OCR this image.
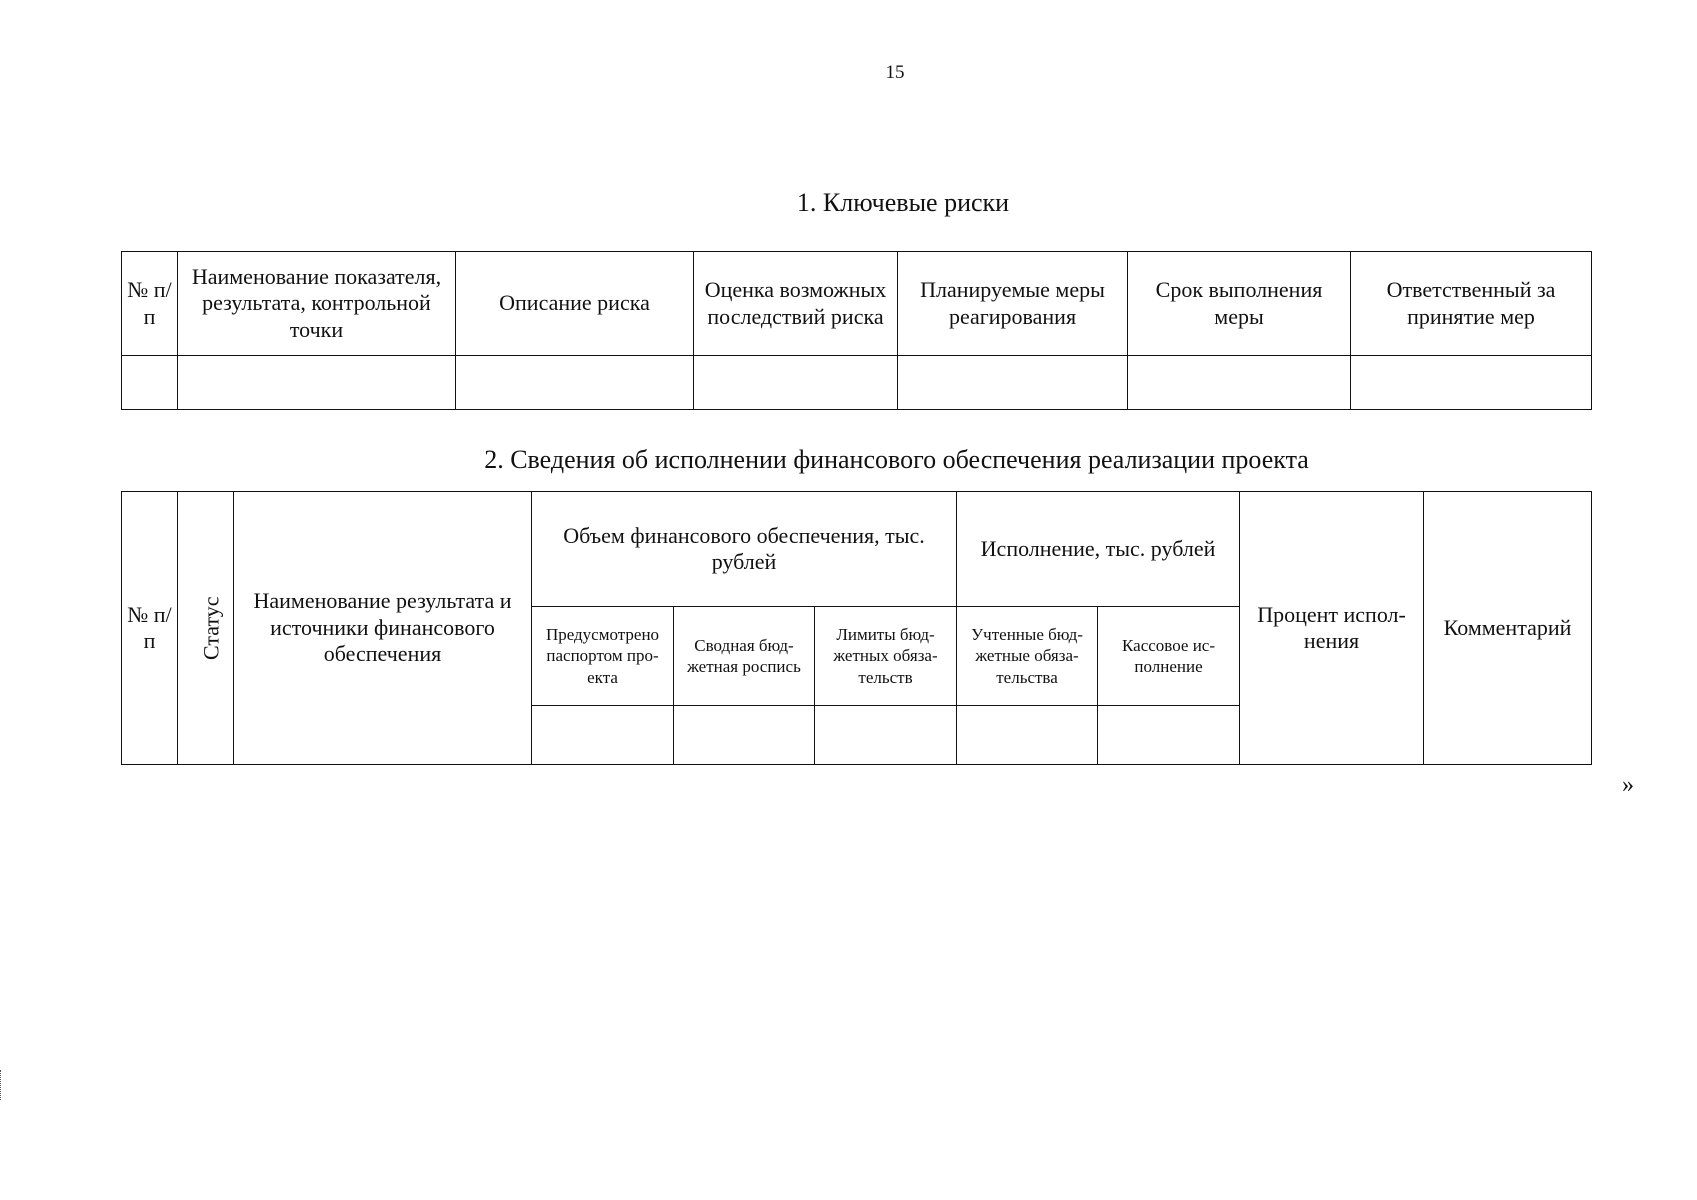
15
1. Ключевые риски
№ п/п	Наименование показателя, результата, контрольной точки	Описание риска	Оценка возможных последствий риска	Планируемые меры реагирования	Срок выполнения меры	Ответственный за принятие мер

2. Сведения об исполнении финансового обеспечения реализации проекта
№ п/п	Статус	Наименование результата и источники финансового обеспечения	Объем финансового обеспечения, тыс. рублей			Исполнение, тыс. рублей		Процент испол-нения	Комментарий
			Предусмотрено паспортом про-екта	Сводная бюд-жетная роспись	Лимиты бюд-жетных обяза-тельств	Учтенные бюд-жетные обяза-тельства	Кассовое ис-полнение		

»
